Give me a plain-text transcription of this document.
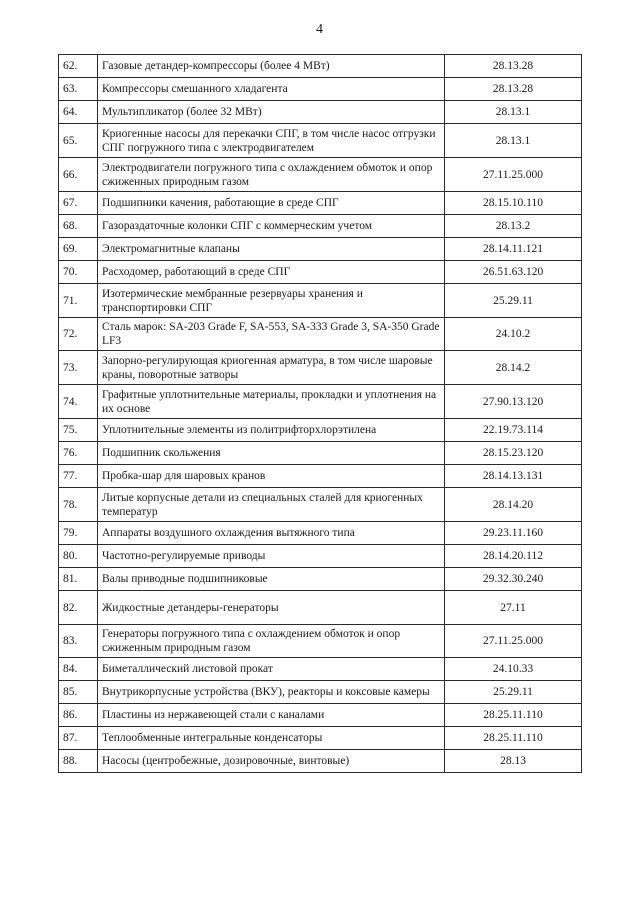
4
62.	Газовые детандер-компрессоры (более 4 МВт)	28.13.28
63.	Компрессоры смешанного хладагента	28.13.28
64.	Мультипликатор (более 32 МВт)	28.13.1
65.	Криогенные насосы для перекачки СПГ, в том числе насос отгрузки СПГ погружного типа с электродвигателем	28.13.1
66.	Электродвигатели погружного типа с охлаждением обмоток и опор сжиженных природным газом	27.11.25.000
67.	Подшипники качения, работающие в среде СПГ	28.15.10.110
68.	Газораздаточные колонки СПГ с коммерческим учетом	28.13.2
69.	Электромагнитные клапаны	28.14.11.121
70.	Расходомер, работающий в среде СПГ	26.51.63.120
71.	Изотермические мембранные резервуары хранения и транспортировки СПГ	25.29.11
72.	Сталь марок: SA-203 Grade F, SA-553, SA-333 Grade 3, SA-350 Grade LF3	24.10.2
73.	Запорно-регулирующая криогенная арматура, в том числе шаровые краны, поворотные затворы	28.14.2
74.	Графитные уплотнительные материалы, прокладки и уплотнения на их основе	27.90.13.120
75.	Уплотнительные элементы из политрифторхлорэтилена	22.19.73.114
76.	Подшипник скольжения	28.15.23.120
77.	Пробка-шар для шаровых кранов	28.14.13.131
78.	Литые корпусные детали из специальных сталей для криогенных температур	28.14.20
79.	Аппараты воздушного охлаждения вытяжного типа	29.23.11.160
80.	Частотно-регулируемые приводы	28.14.20.112
81.	Валы приводные подшипниковые	29.32.30.240
82.	Жидкостные детандеры-генераторы	27.11
83.	Генераторы погружного типа с охлаждением обмоток и опор сжиженным природным газом	27.11.25.000
84.	Биметаллический листовой прокат	24.10.33
85.	Внутрикорпусные устройства (ВКУ), реакторы и коксовые камеры	25.29.11
86.	Пластины из нержавеющей стали с каналами	28.25.11.110
87.	Теплообменные интегральные конденсаторы	28.25.11.110
88.	Насосы (центробежные, дозировочные, винтовые)	28.13
